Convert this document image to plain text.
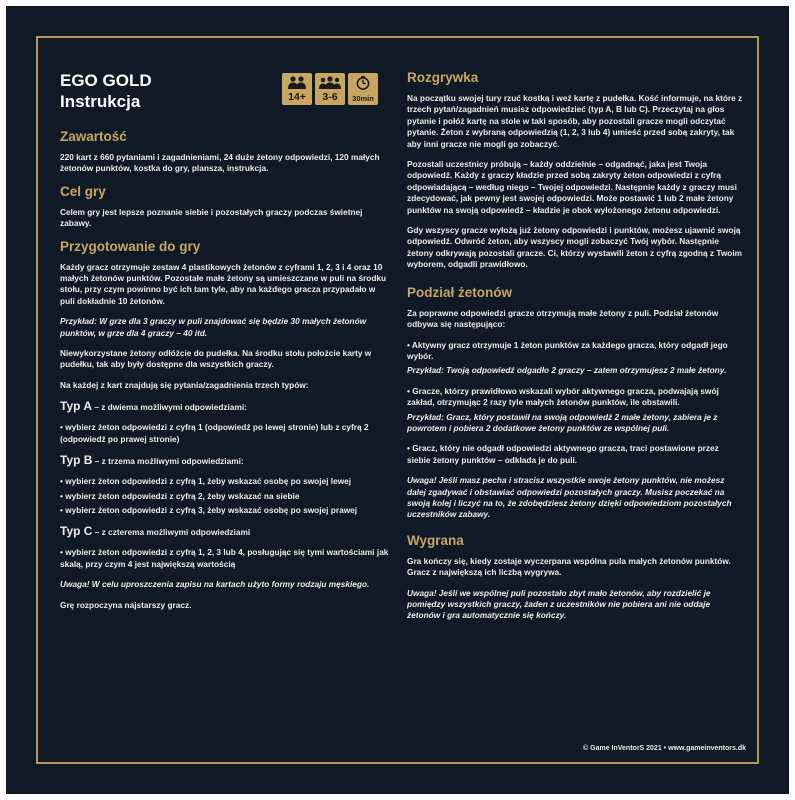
EGO GOLD
Instrukcja	14+ 3-6 30min
Zawartość

220 kart z 660 pytaniami i zagadnieniami, 24 duże żetony odpowiedzi, 120 małych żetonów punktów, kostka do gry, plansza, instrukcja.

Cel gry

Celem gry jest lepsze poznanie siebie i pozostałych graczy podczas świetnej zabawy.

Przygotowanie do gry

Każdy gracz otrzymuje zestaw 4 plastikowych żetonów z cyframi 1, 2, 3 i 4 oraz 10 małych żetonów punktów. Pozostałe małe żetony są umieszczane w puli na środku stołu, przy czym powinno być ich tam tyle, aby na każdego gracza przypadało w puli dokładnie 10 żetonów.

Przykład: W grze dla 3 graczy w puli znajdować się będzie 30 małych żetonów punktów, w grze dla 4 graczy – 40 itd.

Niewykorzystane żetony odłóżcie do pudełka. Na środku stołu położcie karty w pudełku, tak aby były dostępne dla wszystkich graczy.

Na każdej z kart znajdują się pytania/zagadnienia trzech typów:

Typ A – z dwiema możliwymi odpowiedziami:

• wybierz żeton odpowiedzi z cyfrą 1 (odpowiedź po lewej stronie) lub z cyfrą 2 (odpowiedź po prawej stronie)

Typ B – z trzema możliwymi odpowiedziami:

• wybierz żeton odpowiedzi z cyfrą 1, żeby wskazać osobę po swojej lewej

• wybierz żeton odpowiedzi z cyfrą 2, żeby wskazać na siebie

• wybierz żeton odpowiedzi z cyfrą 3, żeby wskazać osobę po swojej prawej

Typ C – z czterema możliwymi odpowiedziami

• wybierz żeton odpowiedzi z cyfrą 1, 2, 3 lub 4, posługując się tymi wartościami jak skalą, przy czym 4 jest największą wartością

Uwaga! W celu uproszczenia zapisu na kartach użyto formy rodzaju męskiego.

Grę rozpoczyna najstarszy gracz.

Rozgrywka

Na początku swojej tury rzuć kostką i weź kartę z pudełka. Kość informuje, na które z trzech pytań/zagadnień musisz odpowiedzieć (typ A, B lub C). Przeczytaj na głos pytanie i połóż kartę na stole w taki sposób, aby pozostali gracze mogli odczytać pytanie. Żeton z wybraną odpowiedzią (1, 2, 3 lub 4) umieść przed sobą zakryty, tak aby inni gracze nie mogli go zobaczyć.

Pozostali uczestnicy próbują – każdy oddzielnie – odgadnąć, jaka jest Twoja odpowiedź. Każdy z graczy kładzie przed sobą zakryty żeton odpowiedzi z cyfrą odpowiadającą – według niego – Twojej odpowiedzi. Następnie każdy z graczy musi zdecydować, jak pewny jest swojej odpowiedzi. Może postawić 1 lub 2 małe żetony punktów na swoją odpowiedź – kładzie je obok wyłożonego żetonu odpowiedzi.

Gdy wszyscy gracze wyłożą już żetony odpowiedzi i punktów, możesz ujawnić swoją odpowiedź. Odwróć żeton, aby wszyscy mogli zobaczyć Twój wybór. Następnie żetony odkrywają pozostali gracze. Ci, którzy wystawili żeton z cyfrą zgodną z Twoim wyborem, odgadli prawidłowo.

Podział żetonów

Za poprawne odpowiedzi gracze otrzymują małe żetony z puli. Podział żetonów odbywa się następująco:

• Aktywny gracz otrzymuje 1 żeton punktów za każdego gracza, który odgadł jego wybór.

Przykład: Twoją odpowiedź odgadło 2 graczy – zatem otrzymujesz 2 małe żetony.

• Gracze, którzy prawidłowo wskazali wybór aktywnego gracza, podwajają swój zakład, otrzymując 2 razy tyle małych żetonów punktów, ile obstawili.

Przykład: Gracz, który postawił na swoją odpowiedź 2 małe żetony, zabiera je z powrotem i pobiera 2 dodatkowe żetony punktów ze wspólnej puli.

• Gracz, który nie odgadł odpowiedzi aktywnego gracza, traci postawione przez siebie żetony punktów – odkłada je do puli.

Uwaga! Jeśli masz pecha i stracisz wszystkie swoje żetony punktów, nie możesz dalej zgadywać i obstawiać odpowiedzi pozostałych graczy. Musisz poczekać na swoją kolej i liczyć na to, że zdobędziesz żetony dzięki odpowiedziom pozostałych uczestników zabawy.

Wygrana

Gra kończy się, kiedy zostaje wyczerpana wspólna pula małych żetonów punktów. Gracz z największą ich liczbą wygrywa.

Uwaga! Jeśli we wspólnej puli pozostało zbyt mało żetonów, aby rozdzielić je pomiędzy wszystkich graczy, żaden z uczestników nie pobiera ani nie oddaje żetonów i gra automatycznie się kończy.

© Game InVentorS 2021 • www.gameinventors.dk
